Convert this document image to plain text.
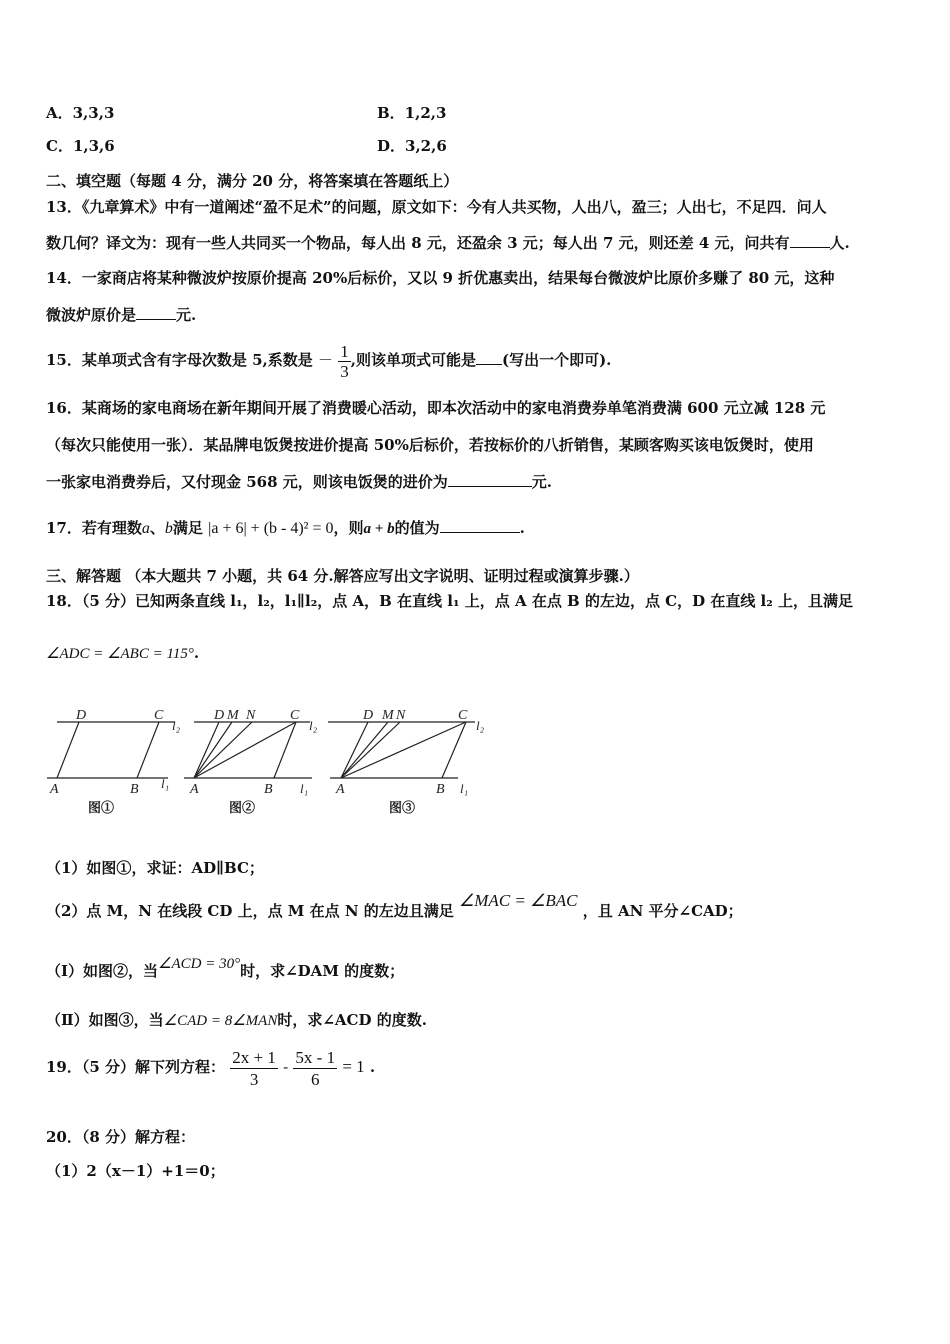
A．3,3,3	B．1,2,3
C．1,3,6	D．3,2,6
二、填空题（每题 4 分，满分 20 分，将答案填在答题纸上）
13．《九章算术》中有一道阐述“盈不足术”的问题，原文如下：今有人共买物，人出八，盈三；人出七，不足四．问人
数几何？译文为：现有一些人共同买一个物品，每人出 8 元，还盈余 3 元；每人出 7 元，则还差 4 元，问共有	人.
14．一家商店将某种微波炉按原价提高 20%后标价，又以 9 折优惠卖出，结果每台微波炉比原价多赚了 80 元，这种
微波炉原价是	元.
15．某单项式含有字母次数是 5,系数是 － $\frac{1}{3}$ ,则该单项式可能是 (写出一个即可).
16．某商场的家电商场在新年期间开展了消费暖心活动，即本次活动中的家电消费券单笔消费满 600 元立减 128 元
（每次只能使用一张）．某品牌电饭煲按进价提高 50%后标价，若按标价的八折销售，某顾客购买该电饭煲时，使用
一张家电消费券后，又付现金 568 元，则该电饭煲的进价为	元.
17．若有理数a、b满足 |a + 6| + (b - 4)² = 0，则a + b的值为	.
三、解答题 （本大题共 7 小题，共 64 分.解答应写出文字说明、证明过程或演算步骤.）
18．（5 分）已知两条直线 l₁，l₂，l₁∥l₂，点 A，B 在直线 l₁ 上，点 A 在点 B 的左边，点 C，D 在直线 l₂ 上，且满足
∠ADC = ∠ABC = 115°.
D	C
l₂
A	B l₁
图①
D M N C
l₂
A	B l₁
图②
D M N	C
l₂
A	B l₁
图③
（1）如图①，求证：AD∥BC；
（2）点 M，N 在线段 CD 上，点 M 在点 N 的左边且满足 ∠MAC = ∠BAC ，且 AN 平分∠CAD；
（Ⅰ）如图②，当∠ACD = 30°时，求∠DAM 的度数；
（Ⅱ）如图③，当∠CAD = 8∠MAN时，求∠ACD 的度数.
19．（5 分）解下列方程： $\frac{2x + 1}{3} - \frac{5x - 1}{6} = 1$ .
20．（8 分）解方程：
（1）2（x－1）+1＝0；
